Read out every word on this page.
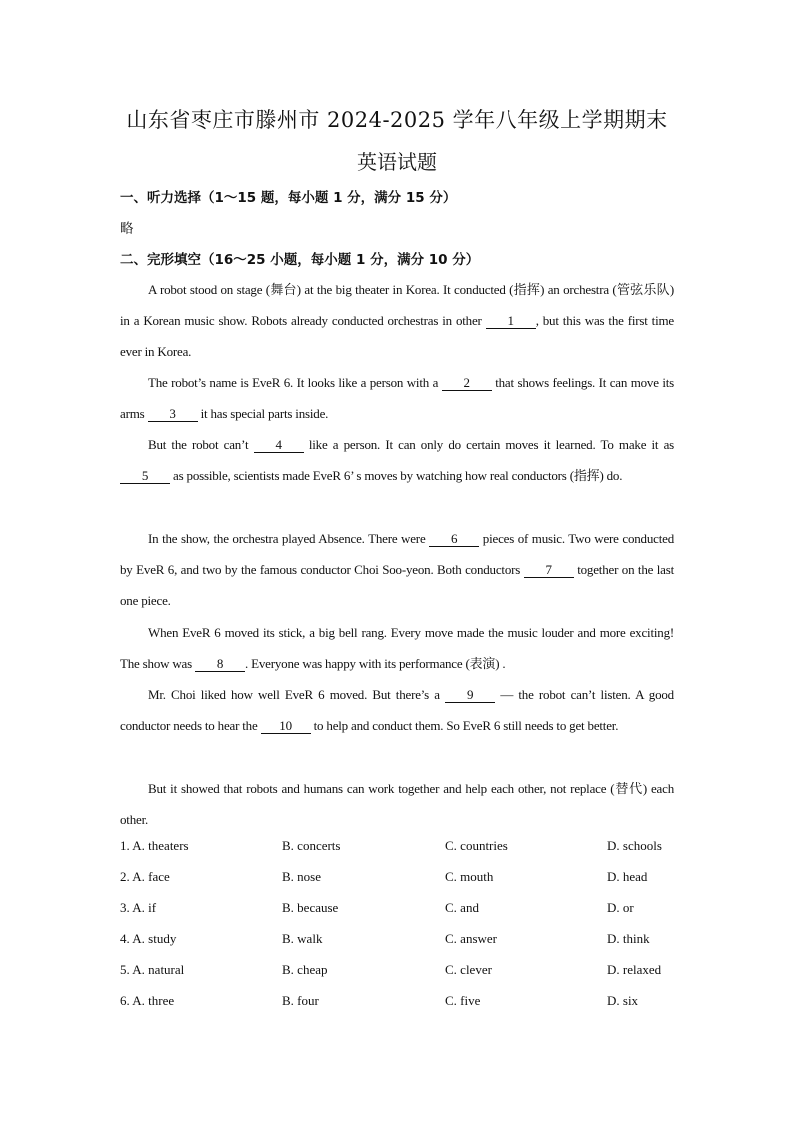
山东省枣庄市滕州市 2024-2025 学年八年级上学期期末
英语试题
一、听力选择（1～15 题，每小题 1 分，满分 15 分）
略
二、完形填空（16～25 小题，每小题 1 分，满分 10 分）
A robot stood on stage (舞台) at the big theater in Korea. It conducted (指挥) an orchestra (管弦乐队) in a Korean music show. Robots already conducted orchestras in other 1 , but this was the first time ever in Korea.
The robot’s name is EveR 6. It looks like a person with a 2 that shows feelings. It can move its arms 3 it has special parts inside.
But the robot can’t 4 like a person. It can only do certain moves it learned. To make it as 5 as possible, scientists made EveR 6’ s moves by watching how real conductors (指挥) do.
In the show, the orchestra played Absence. There were 6 pieces of music. Two were conducted by EveR 6, and two by the famous conductor Choi Soo-yeon. Both conductors 7 together on the last one piece.
When EveR 6 moved its stick, a big bell rang. Every move made the music louder and more exciting! The show was 8 . Everyone was happy with its performance (表演) .
Mr. Choi liked how well EveR 6 moved. But there’s a 9 — the robot can’t listen. A good conductor needs to hear the 10 to help and conduct them. So EveR 6 still needs to get better.
But it showed that robots and humans can work together and help each other, not replace (替代) each other.
1. A. theaters	B. concerts	C. countries	D. schools
2. A. face	B. nose	C. mouth	D. head
3. A. if	B. because	C. and	D. or
4. A. study	B. walk	C. answer	D. think
5. A. natural	B. cheap	C. clever	D. relaxed
6. A. three	B. four	C. five	D. six
